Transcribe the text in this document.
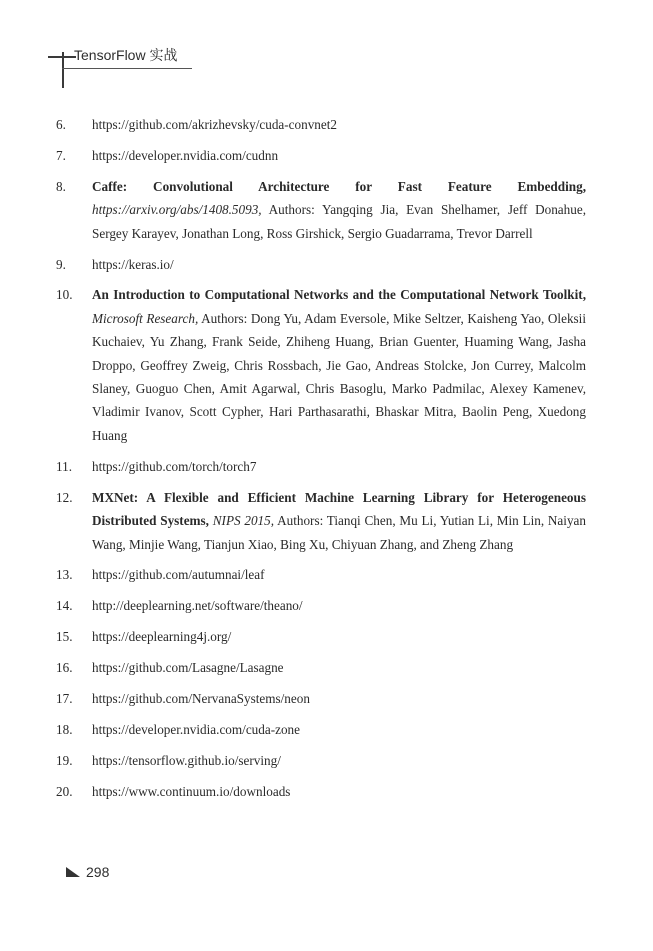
TensorFlow 实战
6.	https://github.com/akrizhevsky/cuda-convnet2
7.	https://developer.nvidia.com/cudnn
8.	Caffe: Convolutional Architecture for Fast Feature Embedding, https://arxiv.org/abs/1408.5093, Authors: Yangqing Jia, Evan Shelhamer, Jeff Donahue, Sergey Karayev, Jonathan Long, Ross Girshick, Sergio Guadarrama, Trevor Darrell
9.	https://keras.io/
10.	An Introduction to Computational Networks and the Computational Network Toolkit, Microsoft Research, Authors: Dong Yu, Adam Eversole, Mike Seltzer, Kaisheng Yao, Oleksii Kuchaiev, Yu Zhang, Frank Seide, Zhiheng Huang, Brian Guenter, Huaming Wang, Jasha Droppo, Geoffrey Zweig, Chris Rossbach, Jie Gao, Andreas Stolcke, Jon Currey, Malcolm Slaney, Guoguo Chen, Amit Agarwal, Chris Basoglu, Marko Padmilac, Alexey Kamenev, Vladimir Ivanov, Scott Cypher, Hari Parthasarathi, Bhaskar Mitra, Baolin Peng, Xuedong Huang
11.	https://github.com/torch/torch7
12.	MXNet: A Flexible and Efficient Machine Learning Library for Heterogeneous Distributed Systems, NIPS 2015, Authors: Tianqi Chen, Mu Li, Yutian Li, Min Lin, Naiyan Wang, Minjie Wang, Tianjun Xiao, Bing Xu, Chiyuan Zhang, and Zheng Zhang
13.	https://github.com/autumnai/leaf
14.	http://deeplearning.net/software/theano/
15.	https://deeplearning4j.org/
16.	https://github.com/Lasagne/Lasagne
17.	https://github.com/NervanaSystems/neon
18.	https://developer.nvidia.com/cuda-zone
19.	https://tensorflow.github.io/serving/
20.	https://www.continuum.io/downloads
298
